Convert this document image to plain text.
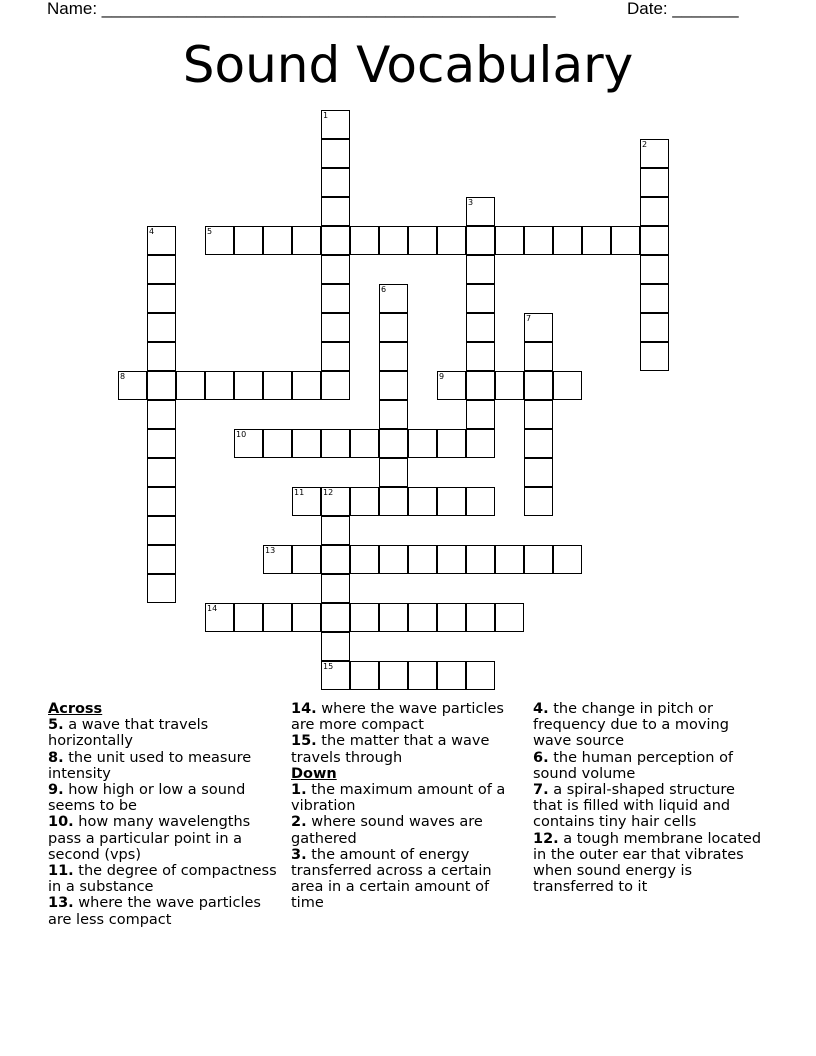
Name: ________________________________________________	Date: _______
Sound Vocabulary
1
2
3
4	5
6
7
8	9
10
11 12
15
13
14

Across

5. a wave that travels horizontally

8. the unit used to measure intensity

9. how high or low a sound seems to be

10. how many wavelengths pass a particular point in a second (vps)

11. the degree of compactness in a substance

13. where the wave particles are less compact

14. where the wave particles are more compact

15. the matter that a wave travels through

Down

1. the maximum amount of a vibration

2. where sound waves are gathered

3. the amount of energy transferred across a certain area in a certain amount of time

4. the change in pitch or frequency due to a moving wave source

6. the human perception of sound volume

7. a spiral-shaped structure that is filled with liquid and contains tiny hair cells

12. a tough membrane located in the outer ear that vibrates when sound energy is transferred to it
